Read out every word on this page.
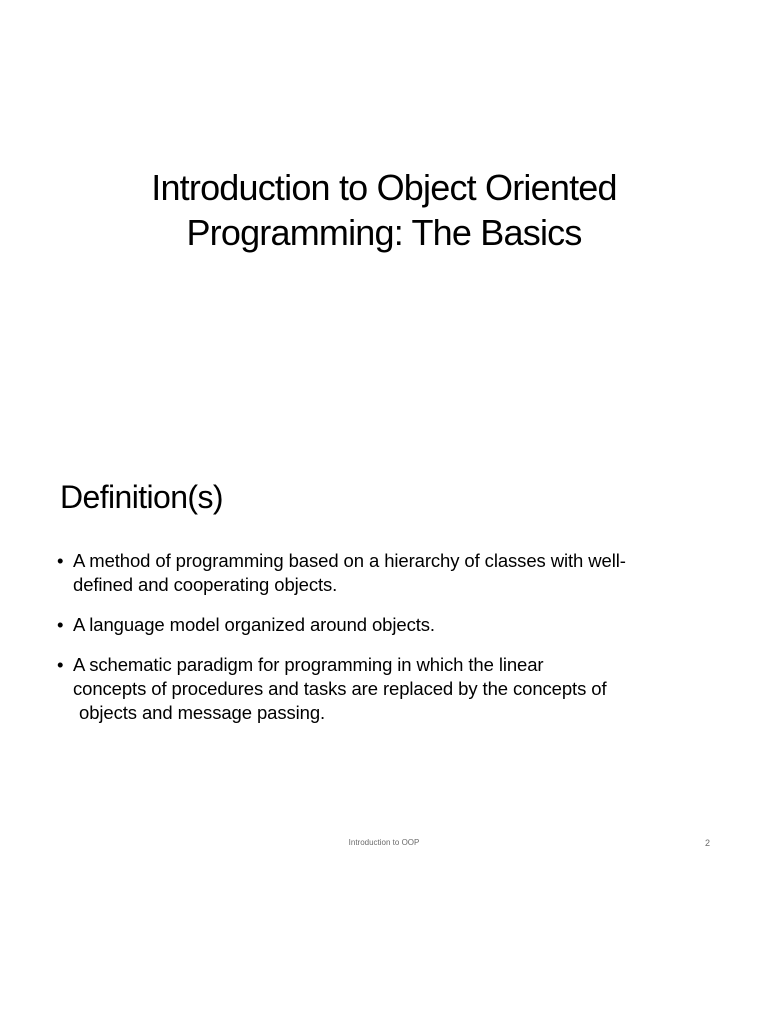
Introduction to Object Oriented
Programming: The Basics
Definition(s)
• A method of programming based on a hierarchy of classes with well-
defined and cooperating objects.
• A language model organized around objects.
• A schematic paradigm for programming in which the linear
concepts of procedures and tasks are replaced by the concepts of
objects and message passing.
Introduction to OOP	2
